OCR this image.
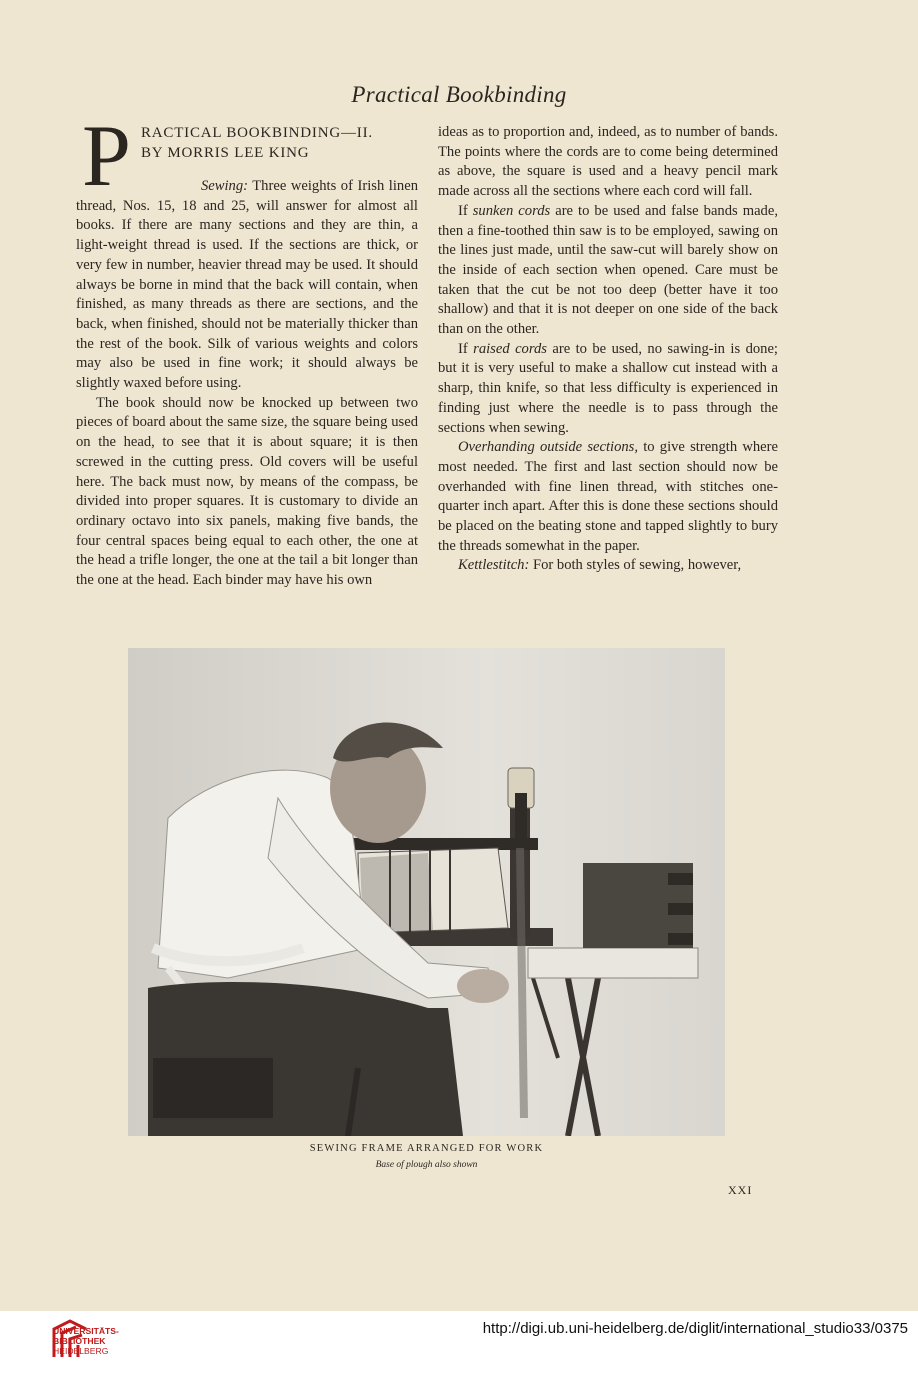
Practical Bookbinding
P RACTICAL BOOKBINDING—II.
BY MORRIS LEE KING

Sewing: Three weights of Irish linen thread, Nos. 15, 18 and 25, will answer for almost all books. If there are many sections and they are thin, a light-weight thread is used. If the sections are thick, or very few in number, heavier thread may be used. It should always be borne in mind that the back will contain, when finished, as many threads as there are sections, and the back, when finished, should not be materially thicker than the rest of the book. Silk of various weights and colors may also be used in fine work; it should always be slightly waxed before using.

The book should now be knocked up between two pieces of board about the same size, the square being used on the head, to see that it is about square; it is then screwed in the cutting press. Old covers will be useful here. The back must now, by means of the compass, be divided into proper squares. It is customary to divide an ordinary octavo into six panels, making five bands, the four central spaces being equal to each other, the one at the head a trifle longer, the one at the tail a bit longer than the one at the head. Each binder may have his own

ideas as to proportion and, indeed, as to number of bands. The points where the cords are to come being determined as above, the square is used and a heavy pencil mark made across all the sections where each cord will fall.

If sunken cords are to be used and false bands made, then a fine-toothed thin saw is to be employed, sawing on the lines just made, until the saw-cut will barely show on the inside of each section when opened. Care must be taken that the cut be not too deep (better have it too shallow) and that it is not deeper on one side of the back than on the other.

If raised cords are to be used, no sawing-in is done; but it is very useful to make a shallow cut instead with a sharp, thin knife, so that less difficulty is experienced in finding just where the needle is to pass through the sections when sewing.

Overhanding outside sections, to give strength where most needed. The first and last section should now be overhanded with fine linen thread, with stitches one-quarter inch apart. After this is done these sections should be placed on the beating stone and tapped slightly to bury the threads somewhat in the paper.

Kettlestitch: For both styles of sewing, however,

SEWING FRAME ARRANGED FOR WORK
Base of plough also shown
XXI
UNIVERSITÄTS-
BIBLIOTHEK
HEIDELBERG
http://digi.ub.uni-heidelberg.de/diglit/international_studio33/0375
